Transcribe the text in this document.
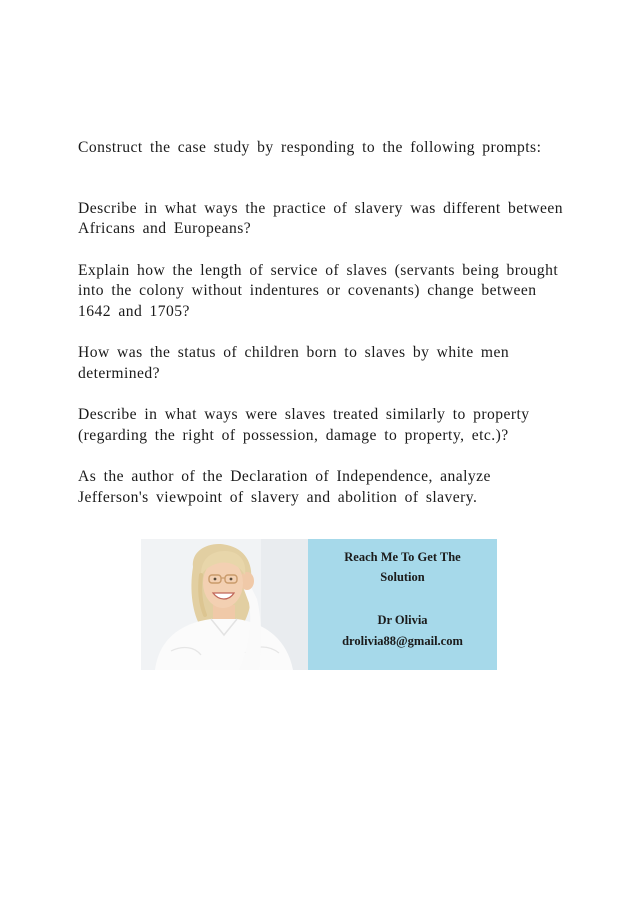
Construct the case study by responding to the following prompts:

Describe in what ways the practice of slavery was different between Africans and Europeans?

Explain how the length of service of slaves (servants being brought into the colony without indentures or covenants) change between 1642 and 1705?

How was the status of children born to slaves by white men determined?

Describe in what ways were slaves treated similarly to property (regarding the right of possession, damage to property, etc.)?

As the author of the Declaration of Independence, analyze Jefferson's viewpoint of slavery and abolition of slavery.

Reach Me To Get The
Solution
Dr Olivia
drolivia88@gmail.com
